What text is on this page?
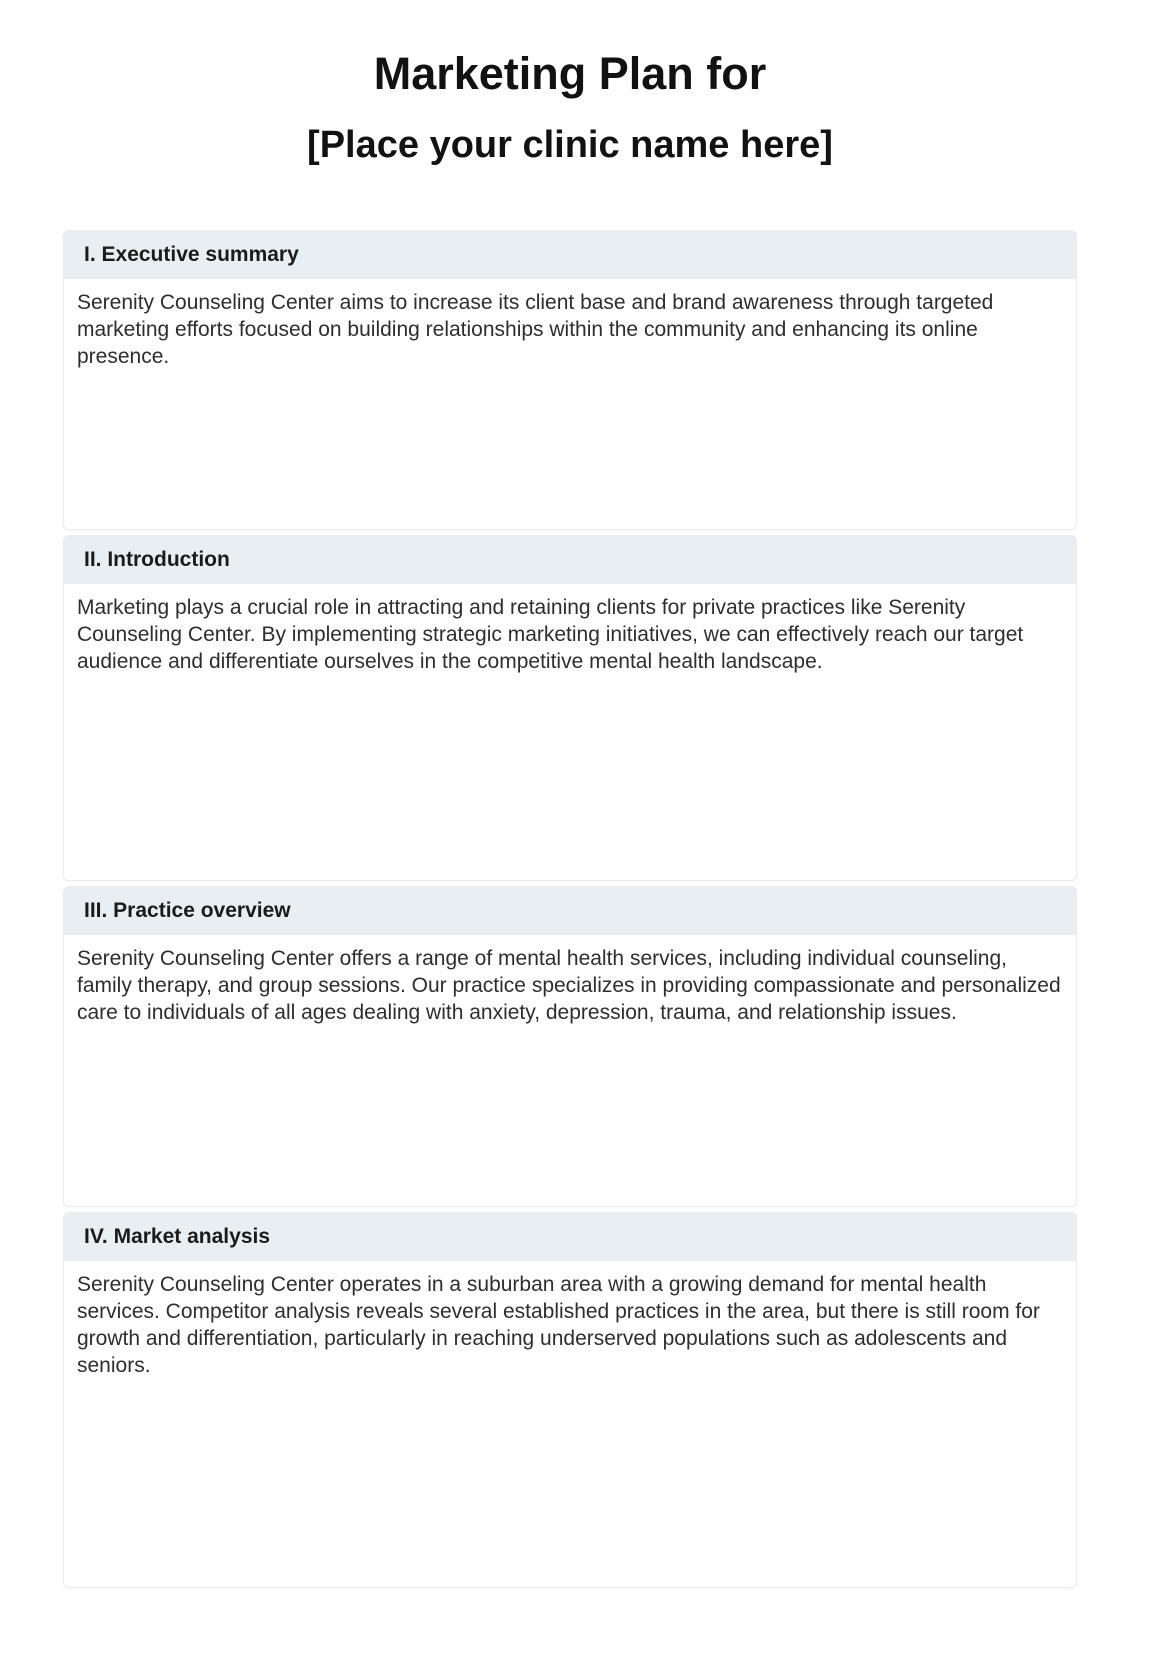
Marketing Plan for
[Place your clinic name here]
I. Executive summary
Serenity Counseling Center aims to increase its client base and brand awareness through targeted marketing efforts focused on building relationships within the community and enhancing its online presence.
II. Introduction
Marketing plays a crucial role in attracting and retaining clients for private practices like Serenity Counseling Center. By implementing strategic marketing initiatives, we can effectively reach our target audience and differentiate ourselves in the competitive mental health landscape.
III. Practice overview
Serenity Counseling Center offers a range of mental health services, including individual counseling, family therapy, and group sessions. Our practice specializes in providing compassionate and personalized care to individuals of all ages dealing with anxiety, depression, trauma, and relationship issues.
IV. Market analysis
Serenity Counseling Center operates in a suburban area with a growing demand for mental health services. Competitor analysis reveals several established practices in the area, but there is still room for growth and differentiation, particularly in reaching underserved populations such as adolescents and seniors.
